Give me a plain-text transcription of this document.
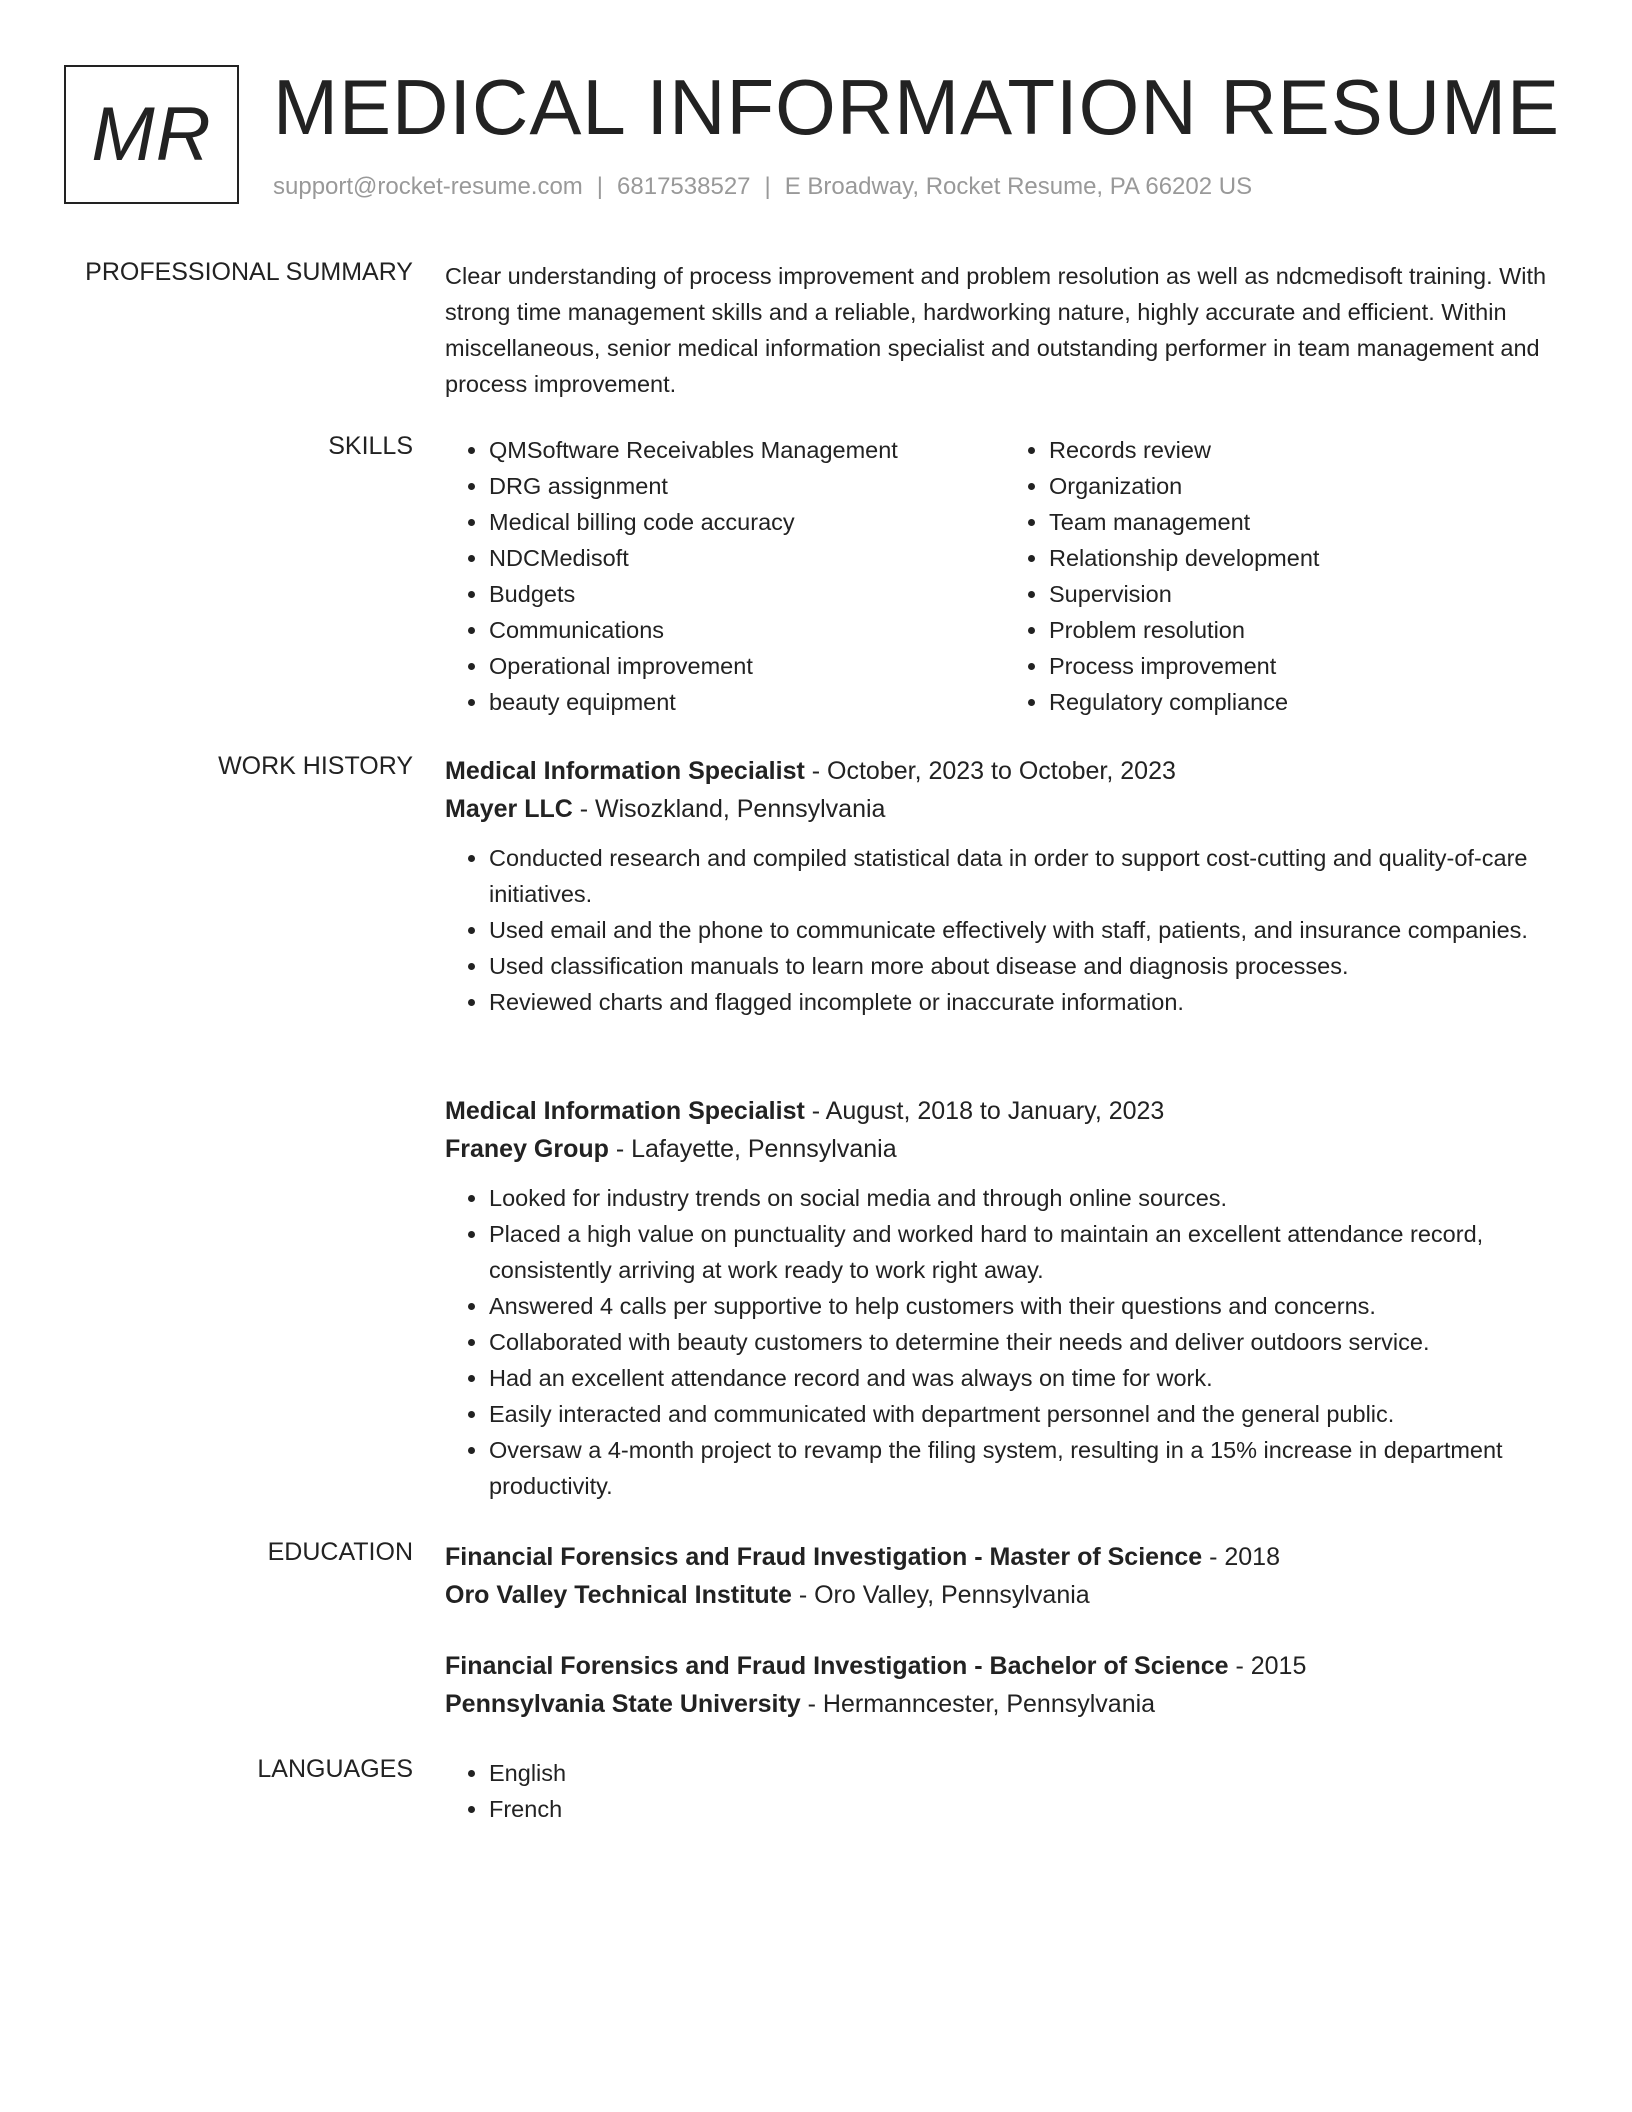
MR MEDICAL INFORMATION RESUME
support@rocket-resume.com | 6817538527 | E Broadway, Rocket Resume, PA 66202 US
PROFESSIONAL SUMMARY Clear understanding of process improvement and problem resolution as well as ndcmedisoft training. With strong time management skills and a reliable, hardworking nature, highly accurate and efficient. Within miscellaneous, senior medical information specialist and outstanding performer in team management and process improvement.
SKILLS	• QMSoftware Receivables Management
• DRG assignment
• Medical billing code accuracy
• NDCMedisoft
• Budgets
• Communications
• Operational improvement
• beauty equipment
• Records review
• Organization
• Team management
• Relationship development
• Supervision
• Problem resolution
• Process improvement
• Regulatory compliance
WORK HISTORY Medical Information Specialist - October, 2023 to October, 2023
Mayer LLC - Wisozkland, Pennsylvania
• Conducted research and compiled statistical data in order to support cost-cutting and quality-of-care initiatives.
• Used email and the phone to communicate effectively with staff, patients, and insurance companies.
• Used classification manuals to learn more about disease and diagnosis processes.
• Reviewed charts and flagged incomplete or inaccurate information.
Medical Information Specialist - August, 2018 to January, 2023
Franey Group - Lafayette, Pennsylvania
• Looked for industry trends on social media and through online sources.
• Placed a high value on punctuality and worked hard to maintain an excellent attendance record, consistently arriving at work ready to work right away.
• Answered 4 calls per supportive to help customers with their questions and concerns.
• Collaborated with beauty customers to determine their needs and deliver outdoors service.
• Had an excellent attendance record and was always on time for work.
• Easily interacted and communicated with department personnel and the general public.
• Oversaw a 4-month project to revamp the filing system, resulting in a 15% increase in department productivity.
EDUCATION Financial Forensics and Fraud Investigation - Master of Science - 2018
Oro Valley Technical Institute - Oro Valley, Pennsylvania
Financial Forensics and Fraud Investigation - Bachelor of Science - 2015
Pennsylvania State University - Hermanncester, Pennsylvania
LANGUAGES	• English
• French
